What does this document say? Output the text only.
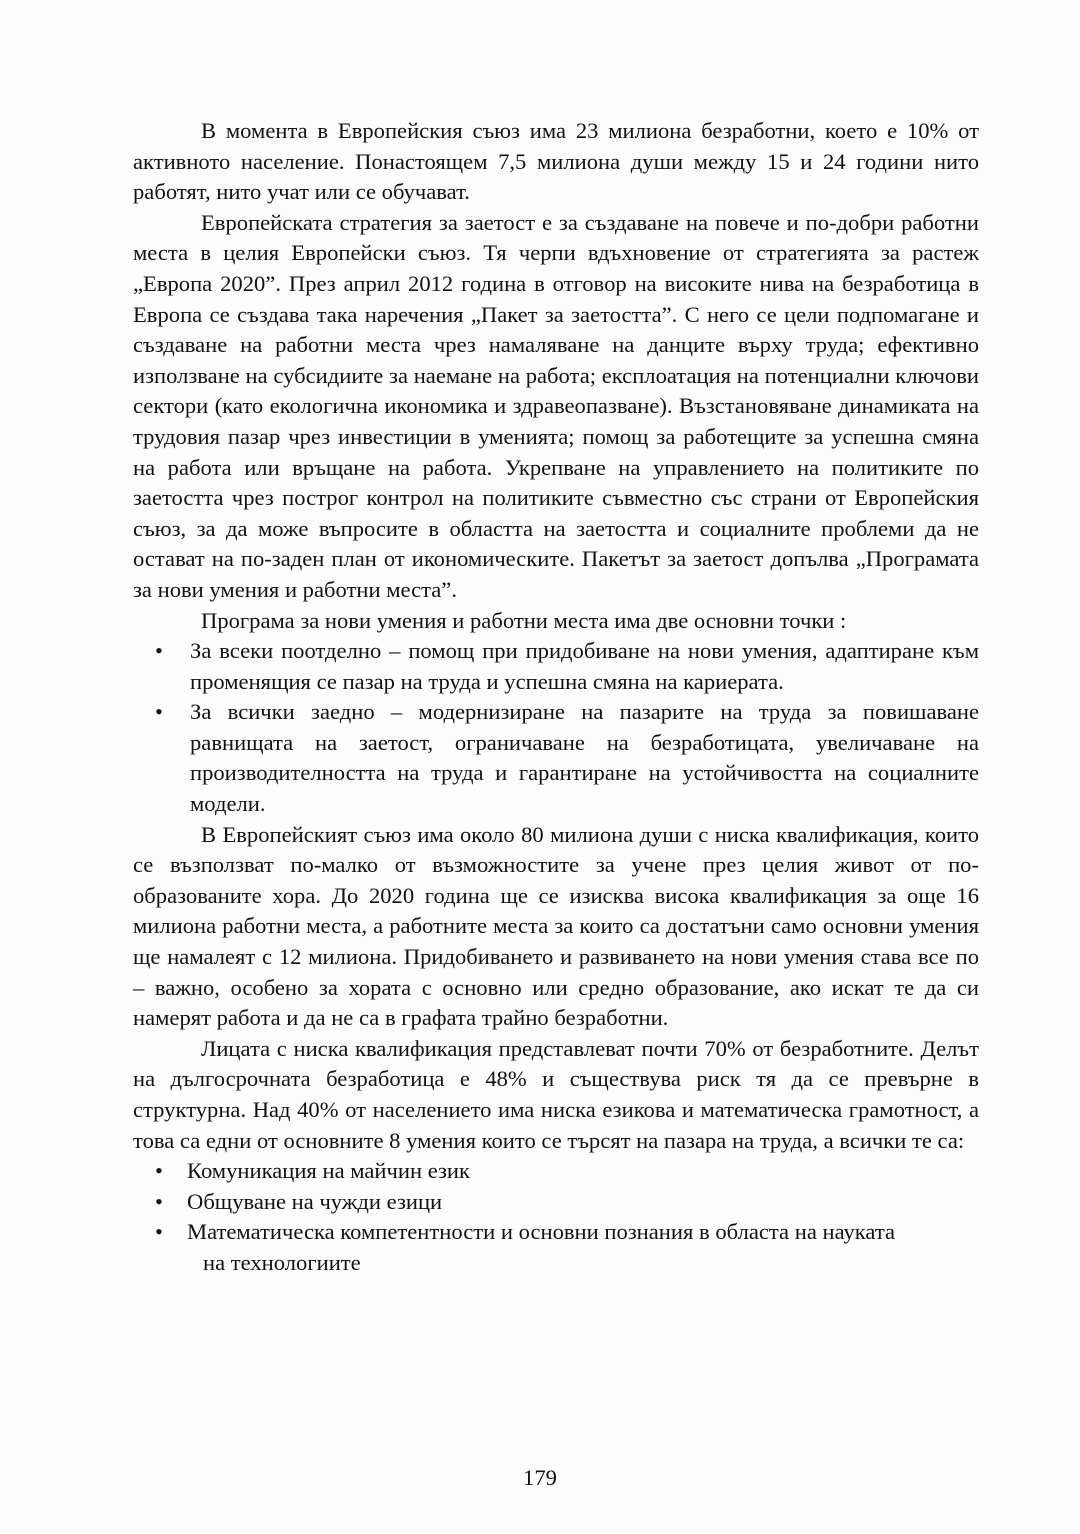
В момента в Европейския съюз има 23 милиона безработни, което е 10% от активното население. Понастоящем 7,5 милиона души между 15 и 24 години нито работят, нито учат или се обучават.

Европейската стратегия за заетост е за създаване на повече и по-добри работни места в целия Европейски съюз. Тя черпи вдъхновение от стратегията за растеж „Европа 2020”. През април 2012 година в отговор на високите нива на безработица в Европа се създава така наречения „Пакет за заетостта”. С него се цели подпомагане и създаване на работни места чрез намаляване на данците върху труда; ефективно използване на субсидиите за наемане на работа; експлоатация на потенциални ключови сектори (като екологична икономика и здравеопазване). Възстановяване динамиката на трудовия пазар чрез инвестиции в уменията; помощ за работещите за успешна смяна на работа или връщане на работа. Укрепване на управлението на политиките по заетостта чрез построг контрол на политиките съвместно със страни от Европейския съюз, за да може въпросите в областта на заетостта и социалните проблеми да не остават на по-заден план от икономическите. Пакетът за заетост допълва „Програмата за нови умения и работни места”.

Програма за нови умения и работни места има две основни точки :

• За всеки поотделно – помощ при придобиване на нови умения, адаптиране към променящия се пазар на труда и успешна смяна на кариерата.
• За всички заедно – модернизиране на пазарите на труда за повишаване равнищата на заетост, ограничаване на безработицата, увеличаване на производителността на труда и гарантиране на устойчивостта на социалните модели.

В Европейският съюз има около 80 милиона души с ниска квалификация, които се възползват по-малко от възможностите за учене през целия живот от по-образованите хора. До 2020 година ще се изисква висока квалификация за още 16 милиона работни места, а работните места за които са достатъни само основни умения ще намалеят с 12 милиона. Придобиването и развиването на нови умения става все по – важно, особено за хората с основно или средно образование, ако искат те да си намерят работа и да не са в графата трайно безработни.

Лицата с ниска квалификация представлеват почти 70% от безработните. Делът на дългосрочната безработица е 48% и съществува риск тя да се превърне в структурна. Над 40% от населението има ниска езикова и математическа грамотност, а това са едни от основните 8 умения които се търсят на пазара на труда, а всички те са:

• Комуникация на майчин език
• Общуване на чужди езици
• Математическа компетентности и основни познания в областа на науката
на технологиите
179
